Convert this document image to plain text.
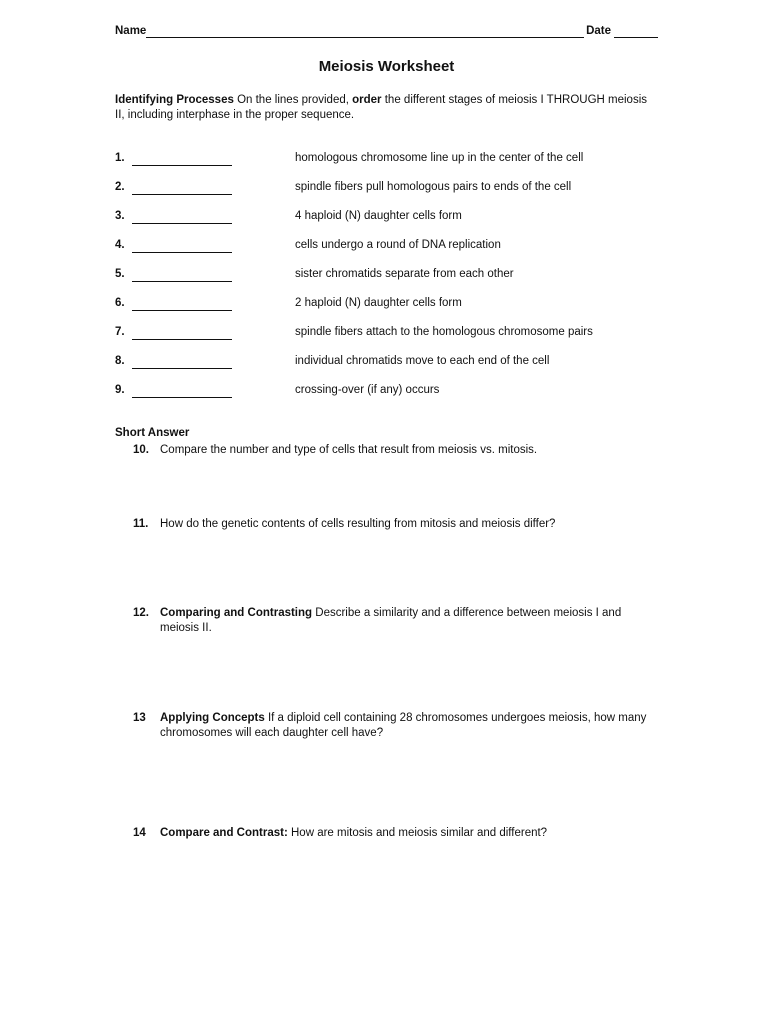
Name	Date
Meiosis Worksheet
Identifying Processes On the lines provided, order the different stages of meiosis I THROUGH meiosis II, including interphase in the proper sequence.
1.	homologous chromosome line up in the center of the cell
2.	spindle fibers pull homologous pairs to ends of the cell
3.	4 haploid (N) daughter cells form
4.	cells undergo a round of DNA replication
5.	sister chromatids separate from each other
6.	2 haploid (N) daughter cells form
7.	spindle fibers attach to the homologous chromosome pairs
8.	individual chromatids move to each end of the cell
9.	crossing-over (if any) occurs
Short Answer
10. Compare the number and type of cells that result from meiosis vs. mitosis.
11.	How do the genetic contents of cells resulting from mitosis and meiosis differ?
12. Comparing and Contrasting Describe a similarity and a difference between meiosis I and meiosis II.
13	Applying Concepts If a diploid cell containing 28 chromosomes undergoes meiosis, how many chromosomes will each daughter cell have?
14	Compare and Contrast: How are mitosis and meiosis similar and different?
